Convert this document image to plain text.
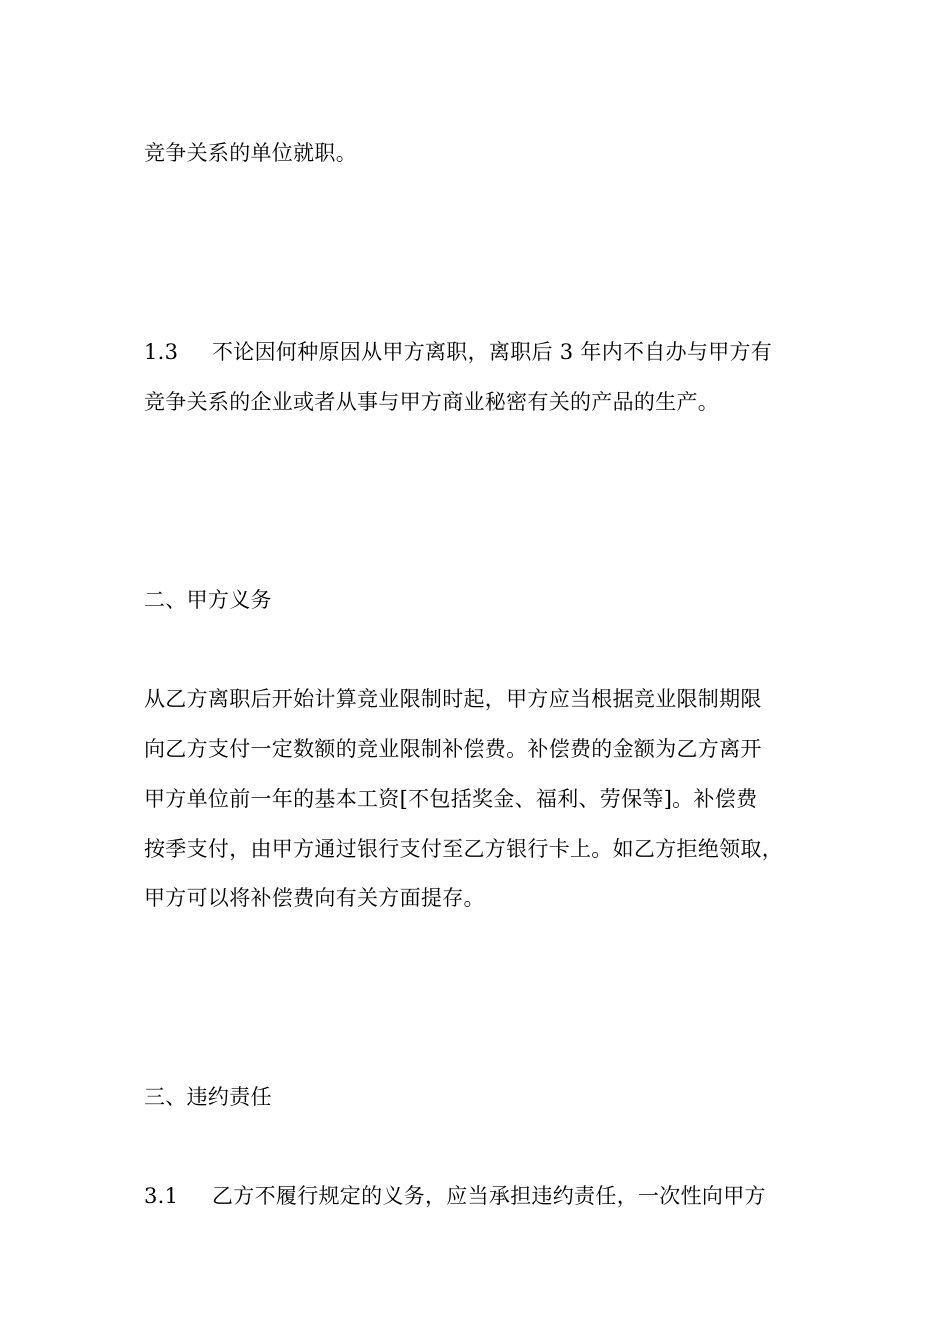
竞争关系的单位就职。
1.3 不论因何种原因从甲方离职，离职后 3 年内不自办与甲方有
竞争关系的企业或者从事与甲方商业秘密有关的产品的生产。
二、甲方义务
从乙方离职后开始计算竞业限制时起，甲方应当根据竞业限制期限
向乙方支付一定数额的竞业限制补偿费。补偿费的金额为乙方离开
甲方单位前一年的基本工资[不包括奖金、福利、劳保等]。补偿费
按季支付，由甲方通过银行支付至乙方银行卡上。如乙方拒绝领取，
甲方可以将补偿费向有关方面提存。
三、违约责任
3.1 乙方不履行规定的义务，应当承担违约责任，一次性向甲方
